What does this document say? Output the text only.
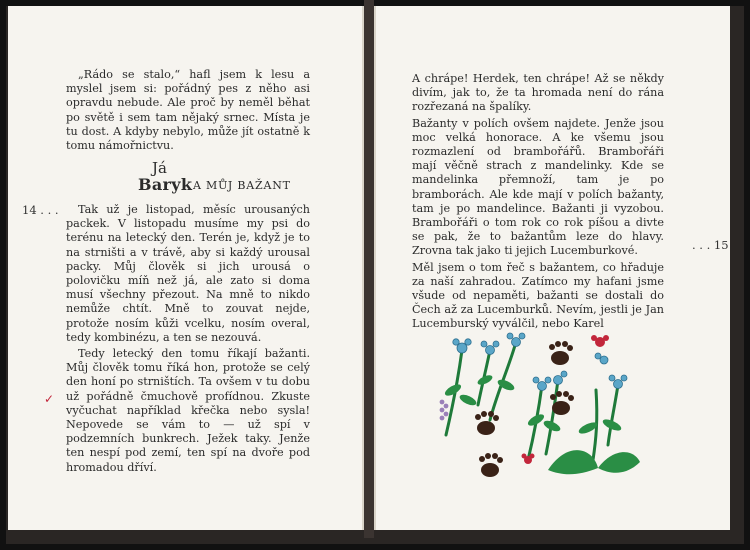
„Rádo se stalo,“ hafl jsem k lesu a myslel jsem si: pořádný pes z něho asi opravdu nebude. Ale proč by neměl běhat po světě i sem tam nějaký srnec. Místa je tu dost. A kdyby nebylo, může jít ostatně k tomu námořnictvu.

Já
Baryk A MŮJ BAŽANT
14 . . .	Tak už je listopad, měsíc urousaných packek. V listopadu musíme my psi do terénu na letecký den. Terén je, když je to na strništi a v trávě, aby si každý urousal packy. Můj člověk si jich urousá o polovičku míň než já, ale zato si doma musí všechny přezout. Na mně to nikdo nemůže chtít. Mně to zouvat nejde, protože nosím kůži vcelku, nosím overal, tedy kombinézu, a ten se nezouvá.

Tedy letecký den tomu říkají bažanti. Můj člověk tomu říká hon, protože se celý den honí po strništích. Ta ovšem v tu dobu už pořádně čmuchově profídnou. Zkuste vyčuchat například křečka nebo sysla! Nepovede se vám to — už spí v podzemních bunkrech. Ježek taky. Jenže ten nespí pod zemí, ten spí na dvoře pod hromadou dříví.

✓

A chrápe! Herdek, ten chrápe! Až se někdy divím, jak to, že ta hromada není do rána rozřezaná na špalíky.

Bažanty v polích ovšem najdete. Jenže jsou moc velká honorace. A ke všemu jsou rozmazlení od brambořářů. Brambořáři mají věčně strach z mandelinky. Kde se mandelinka přemnoží, tam je po bramborách. Ale kde mají v polích bažanty, tam je po mandelince. Bažanti ji vyzobou. Brambořáři o tom rok co rok píšou a divte se pak, že to bažantům leze do hlavy. Zrovna tak jako ti jejich Lucemburkové.

Měl jsem o tom řeč s bažantem, co hřaduje za naší zahradou. Zatímco my hafani jsme všude od nepaměti, bažanti se dostali do Čech až za Lucemburků. Nevím, jestli je Jan Lucemburský vyválčil, nebo Karel

. . . 15
